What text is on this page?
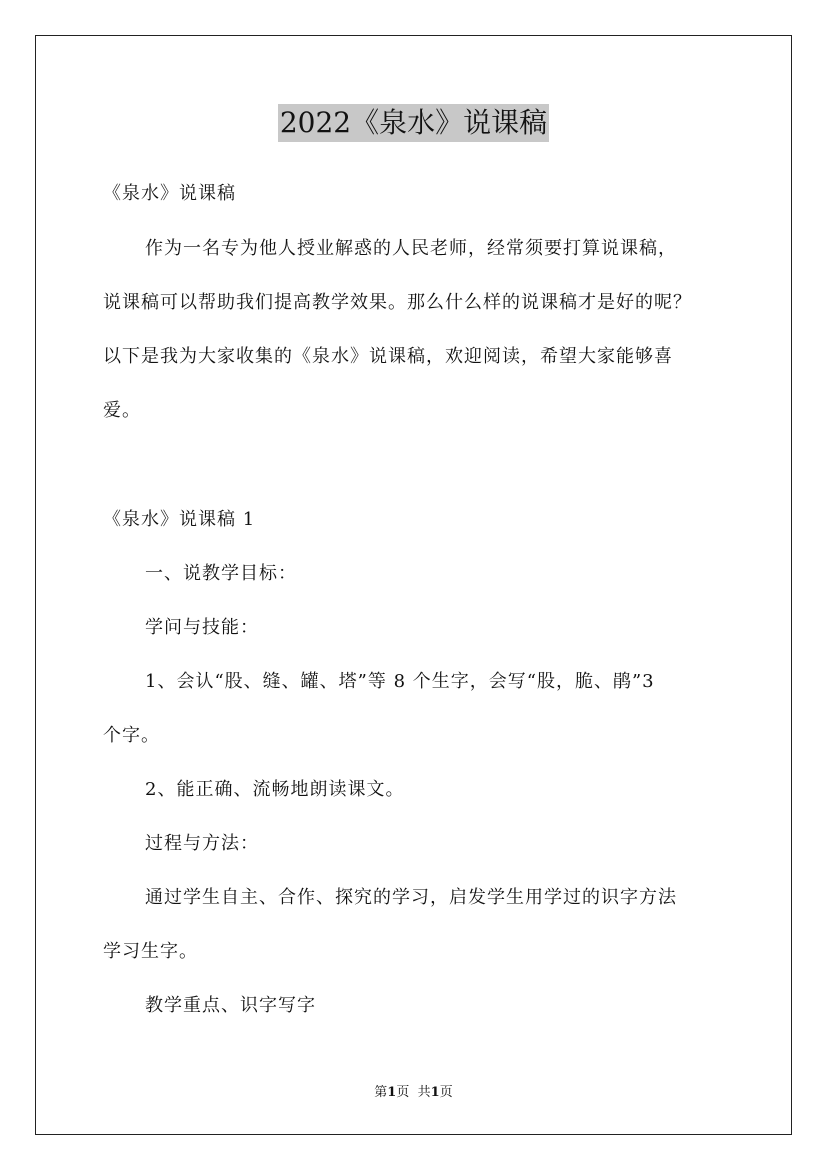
2022《泉水》说课稿
《泉水》说课稿
作为一名专为他人授业解惑的人民老师，经常须要打算说课稿，
说课稿可以帮助我们提高教学效果。那么什么样的说课稿才是好的呢？
以下是我为大家收集的《泉水》说课稿，欢迎阅读，希望大家能够喜
爱。
《泉水》说课稿 1
一、说教学目标：
学问与技能：
1、会认“股、缝、罐、塔”等 8 个生字，会写“股，脆、鹃”3
个字。
2、能正确、流畅地朗读课文。
过程与方法：
通过学生自主、合作、探究的学习，启发学生用学过的识字方法
学习生字。
教学重点、识字写字
第1页 共1页
